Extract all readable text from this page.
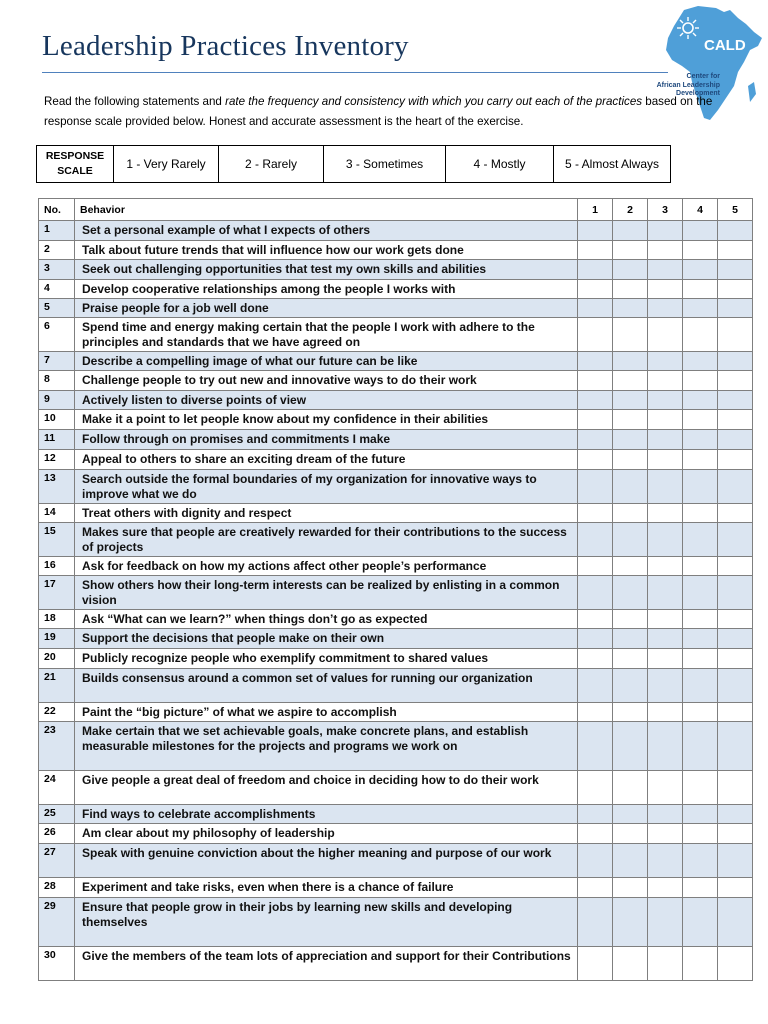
Leadership Practices Inventory	CALD
Center for
African Leadership
Development
Read the following statements and rate the frequency and consistency with which you carry out each of the practices based on the response scale provided below. Honest and accurate assessment is the heart of the exercise.
RESPONSE SCALE	1 - Very Rarely	2 - Rarely	3 - Sometimes	4 - Mostly	5 - Almost Always
No.	Behavior	1	2	3	4	5
1	Set a personal example of what I expects of others					
2	Talk about future trends that will influence how our work gets done					
3	Seek out challenging opportunities that test my own skills and abilities					
4	Develop cooperative relationships among the people I works with					
5	Praise people for a job well done					
6	Spend time and energy making certain that the people I work with adhere to the principles and standards that we have agreed on					
7	Describe a compelling image of what our future can be like					
8	Challenge people to try out new and innovative ways to do their work					
9	Actively listen to diverse points of view					
10	Make it a point to let people know about my confidence in their abilities					
11	Follow through on promises and commitments I make					
12	Appeal to others to share an exciting dream of the future					
13	Search outside the formal boundaries of my organization for innovative ways to improve what we do					
14	Treat others with dignity and respect					
15	Makes sure that people are creatively rewarded for their contributions to the success of projects					
16	Ask for feedback on how my actions affect other people’s performance					
17	Show others how their long-term interests can be realized by enlisting in a common vision					
18	Ask “What can we learn?” when things don’t go as expected					
19	Support the decisions that people make on their own					
20	Publicly recognize people who exemplify commitment to shared values					
21	Builds consensus around a common set of values for running our organization					
22	Paint the “big picture” of what we aspire to accomplish					
23	Make certain that we set achievable goals, make concrete plans, and establish measurable milestones for the projects and programs we work on					
24	Give people a great deal of freedom and choice in deciding how to do their work					
25	Find ways to celebrate accomplishments					
26	Am clear about my philosophy of leadership					
27	Speak with genuine conviction about the higher meaning and purpose of our work					
28	Experiment and take risks, even when there is a chance of failure					
29	Ensure that people grow in their jobs by learning new skills and developing
themselves					
30	Give the members of the team lots of appreciation and support for their Contributions					
